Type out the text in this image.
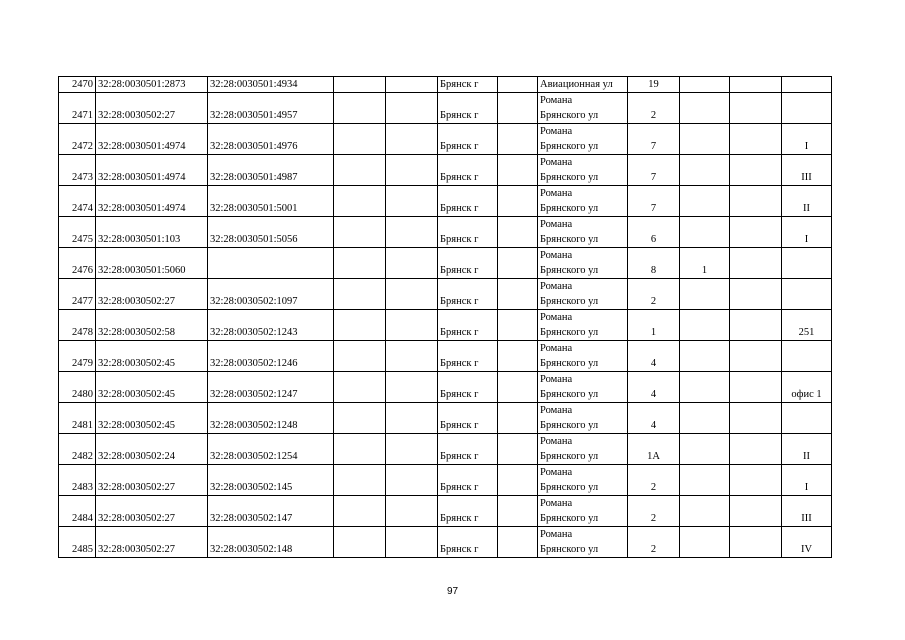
2470	32:28:0030501:2873	32:28:0030501:4934			Брянск г		Авиационная ул	19			
2471	32:28:0030502:27	32:28:0030501:4957			Брянск г		Романа
Брянского ул	2			
2472	32:28:0030501:4974	32:28:0030501:4976			Брянск г		Романа
Брянского ул	7			I
2473	32:28:0030501:4974	32:28:0030501:4987			Брянск г		Романа
Брянского ул	7			III
2474	32:28:0030501:4974	32:28:0030501:5001			Брянск г		Романа
Брянского ул	7			II
2475	32:28:0030501:103	32:28:0030501:5056			Брянск г		Романа
Брянского ул	6			I
2476	32:28:0030501:5060				Брянск г		Романа
Брянского ул	8	1		
2477	32:28:0030502:27	32:28:0030502:1097			Брянск г		Романа
Брянского ул	2			
2478	32:28:0030502:58	32:28:0030502:1243			Брянск г		Романа
Брянского ул	1			251
2479	32:28:0030502:45	32:28:0030502:1246			Брянск г		Романа
Брянского ул	4			
2480	32:28:0030502:45	32:28:0030502:1247			Брянск г		Романа
Брянского ул	4			офис 1
2481	32:28:0030502:45	32:28:0030502:1248			Брянск г		Романа
Брянского ул	4			
2482	32:28:0030502:24	32:28:0030502:1254			Брянск г		Романа
Брянского ул	1А			II
2483	32:28:0030502:27	32:28:0030502:145			Брянск г		Романа
Брянского ул	2			I
2484	32:28:0030502:27	32:28:0030502:147			Брянск г		Романа
Брянского ул	2			III
2485	32:28:0030502:27	32:28:0030502:148			Брянск г		Романа
Брянского ул	2			IV
97
